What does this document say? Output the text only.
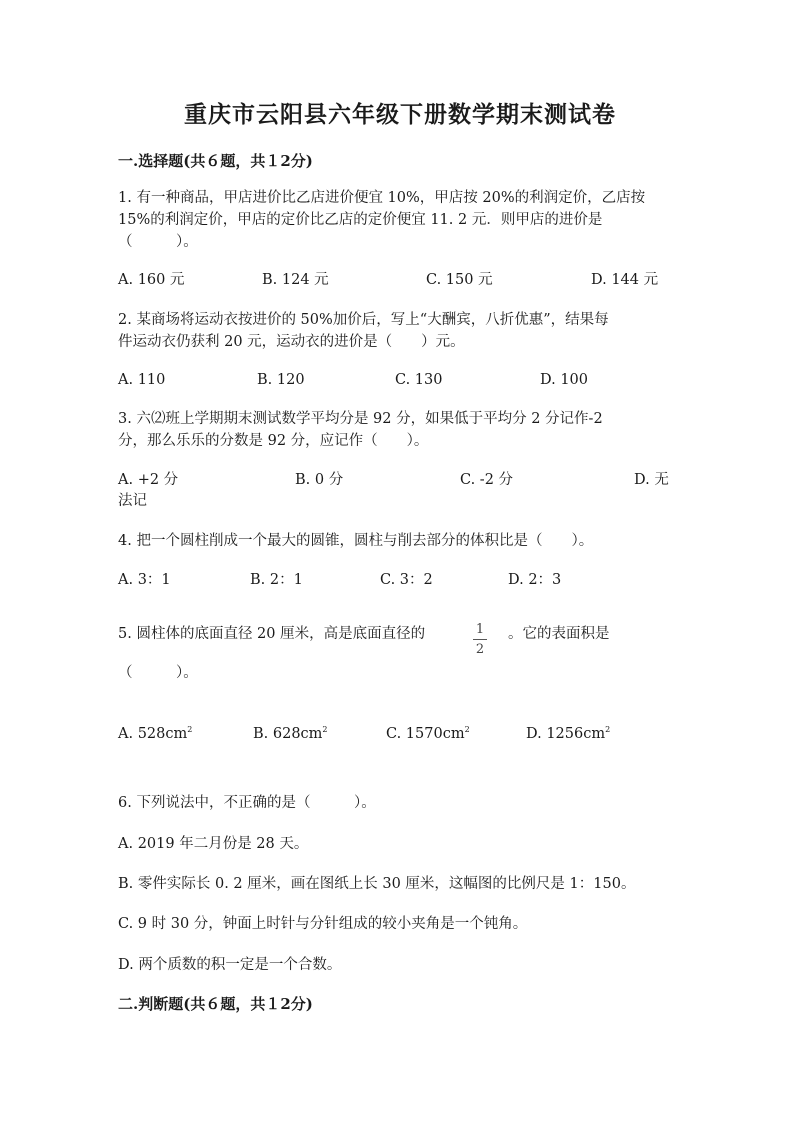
重庆市云阳县六年级下册数学期末测试卷
一.选择题(共６题，共１2分)
1. 有一种商品，甲店进价比乙店进价便宜 10%，甲店按 20%的利润定价，乙店按
15%的利润定价，甲店的定价比乙店的定价便宜 11. 2 元．则甲店的进价是
（　　　）。
A. 160 元	B. 124 元	C. 150 元	D. 144 元
2. 某商场将运动衣按进价的 50%加价后，写上“大酬宾，八折优惠”，结果每
件运动衣仍获利 20 元，运动衣的进价是（　　）元。
A. 110	B. 120	C. 130	D. 100
3. 六⑵班上学期期末测试数学平均分是 92 分，如果低于平均分 2 分记作-2
分，那么乐乐的分数是 92 分，应记作（　　）。
A. +2 分	B. 0 分	C. -2 分	D. 无
法记
4. 把一个圆柱削成一个最大的圆锥，圆柱与削去部分的体积比是（　　）。
A. 3：1	B. 2：1	C. 3：2	D. 2：3
5. 圆柱体的底面直径 20 厘米，高是底面直径的	1
2
。它的表面积是
（　　　）。
A. $528cm^2$	B. $628cm^2$	C. $1570cm^2$	D. $1256cm^2$
6. 下列说法中，不正确的是（　　　）。
A. 2019 年二月份是 28 天。
B. 零件实际长 0. 2 厘米，画在图纸上长 30 厘米，这幅图的比例尺是 1：150。
C. 9 时 30 分，钟面上时针与分针组成的较小夹角是一个钝角。
D. 两个质数的积一定是一个合数。
二.判断题(共６题，共１2分)
